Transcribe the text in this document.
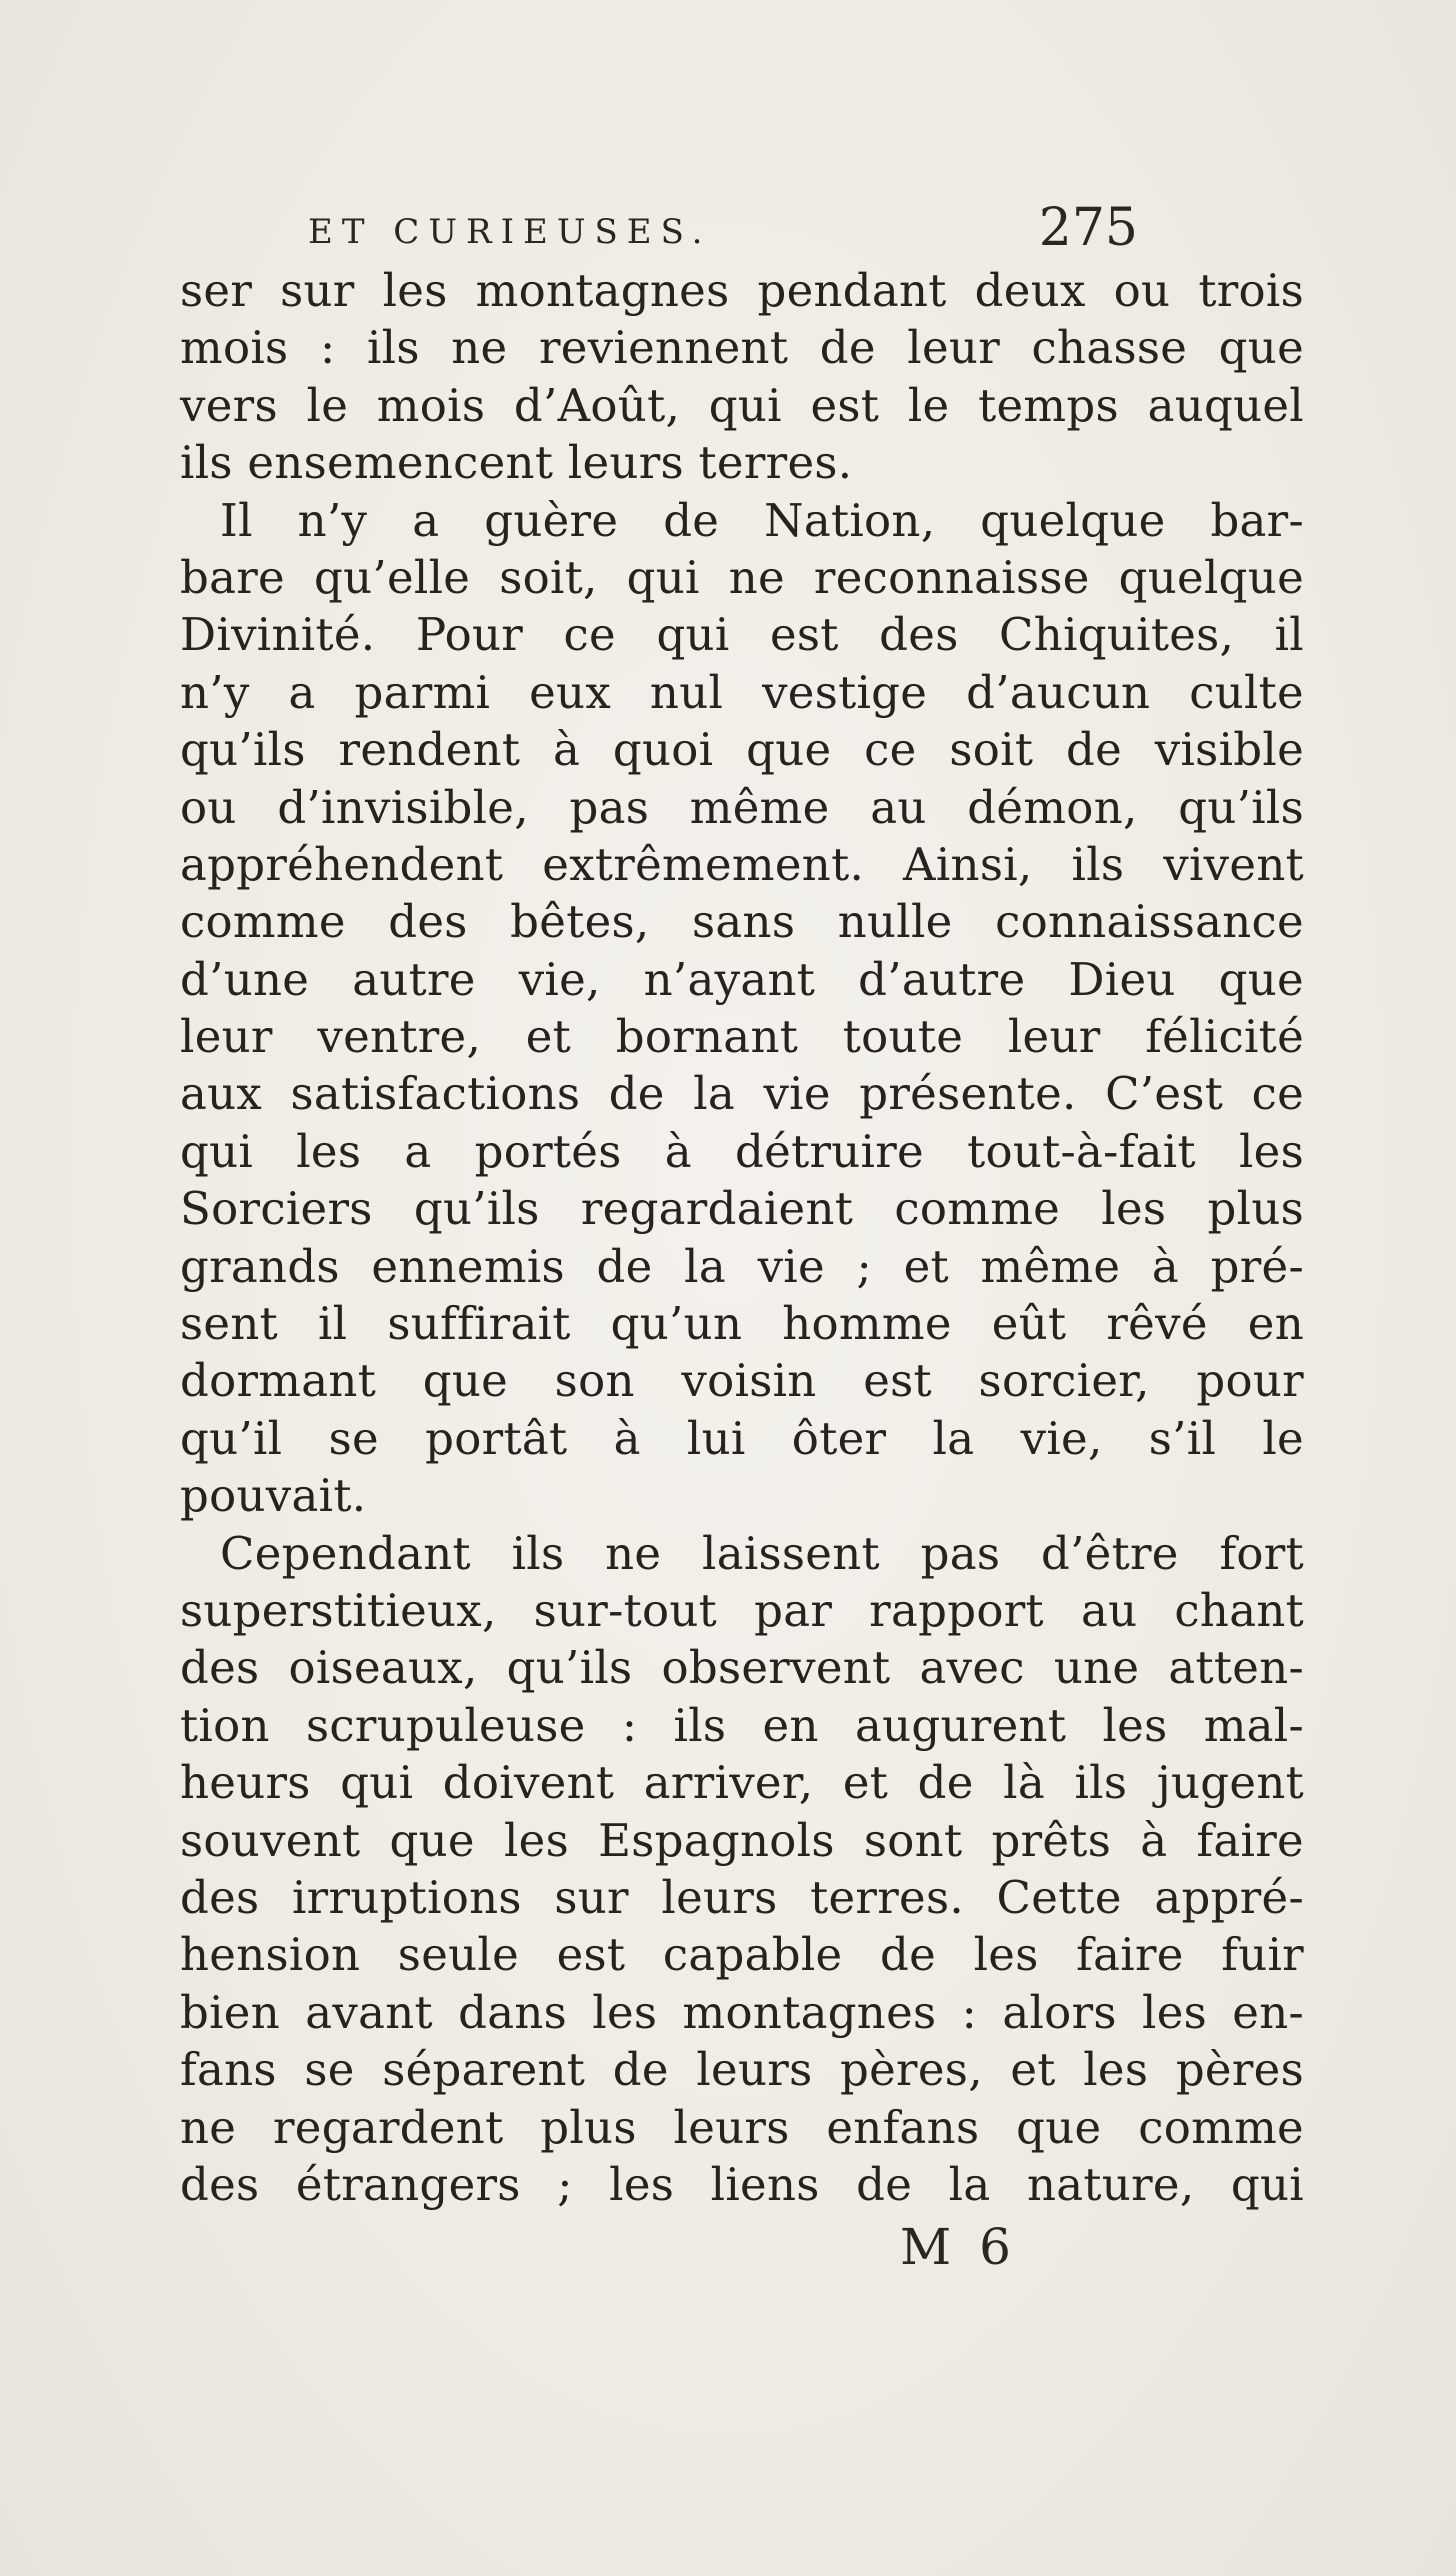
ET CURIEUSES.	275
ser sur les montagnes pendant deux ou trois
mois : ils ne reviennent de leur chasse que
vers le mois d’Août, qui est le temps auquel
ils ensemencent leurs terres.
Il n’y a guère de Nation, quelque bar-
bare qu’elle soit, qui ne reconnaisse quelque
Divinité. Pour ce qui est des Chiquites, il
n’y a parmi eux nul vestige d’aucun culte
qu’ils rendent à quoi que ce soit de visible
ou d’invisible, pas même au démon, qu’ils
appréhendent extrêmement. Ainsi, ils vivent
comme des bêtes, sans nulle connaissance
d’une autre vie, n’ayant d’autre Dieu que
leur ventre, et bornant toute leur félicité
aux satisfactions de la vie présente. C’est ce
qui les a portés à détruire tout-à-fait les
Sorciers qu’ils regardaient comme les plus
grands ennemis de la vie ; et même à pré-
sent il suffirait qu’un homme eût rêvé en
dormant que son voisin est sorcier, pour
qu’il se portât à lui ôter la vie, s’il le
pouvait.
Cependant ils ne laissent pas d’être fort
superstitieux, sur-tout par rapport au chant
des oiseaux, qu’ils observent avec une atten-
tion scrupuleuse : ils en augurent les mal-
heurs qui doivent arriver, et de là ils jugent
souvent que les Espagnols sont prêts à faire
des irruptions sur leurs terres. Cette appré-
hension seule est capable de les faire fuir
bien avant dans les montagnes : alors les en-
fans se séparent de leurs pères, et les pères
ne regardent plus leurs enfans que comme
des étrangers ; les liens de la nature, qui
M 6
